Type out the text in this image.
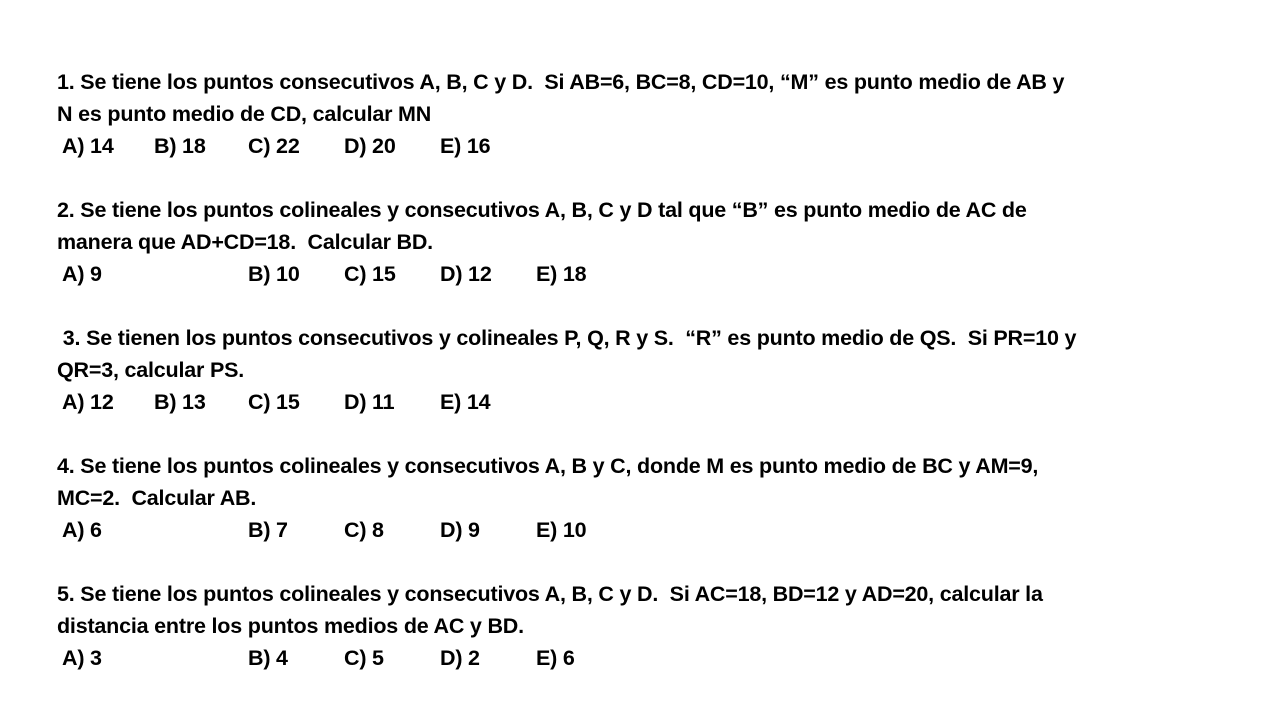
1. Se tiene los puntos consecutivos A, B, C y D.  Si AB=6, BC=8, CD=10, “M” es punto medio de AB y
N es punto medio de CD, calcular MN
A) 14 B) 18 C) 22 D) 20 E) 16
2. Se tiene los puntos colineales y consecutivos A, B, C y D tal que “B” es punto medio de AC de
manera que AD+CD=18.  Calcular BD.
A) 9	B) 10 C) 15 D) 12 E) 18
3. Se tienen los puntos consecutivos y colineales P, Q, R y S.  “R” es punto medio de QS.  Si PR=10 y
QR=3, calcular PS.
A) 12 B) 13 C) 15 D) 11 E) 14
4. Se tiene los puntos colineales y consecutivos A, B y C, donde M es punto medio de BC y AM=9,
MC=2.  Calcular AB.
A) 6	B) 7	C) 8	D) 9	E) 10
5. Se tiene los puntos colineales y consecutivos A, B, C y D.  Si AC=18, BD=12 y AD=20, calcular la
distancia entre los puntos medios de AC y BD.
A) 3	B) 4	C) 5	D) 2	E) 6
